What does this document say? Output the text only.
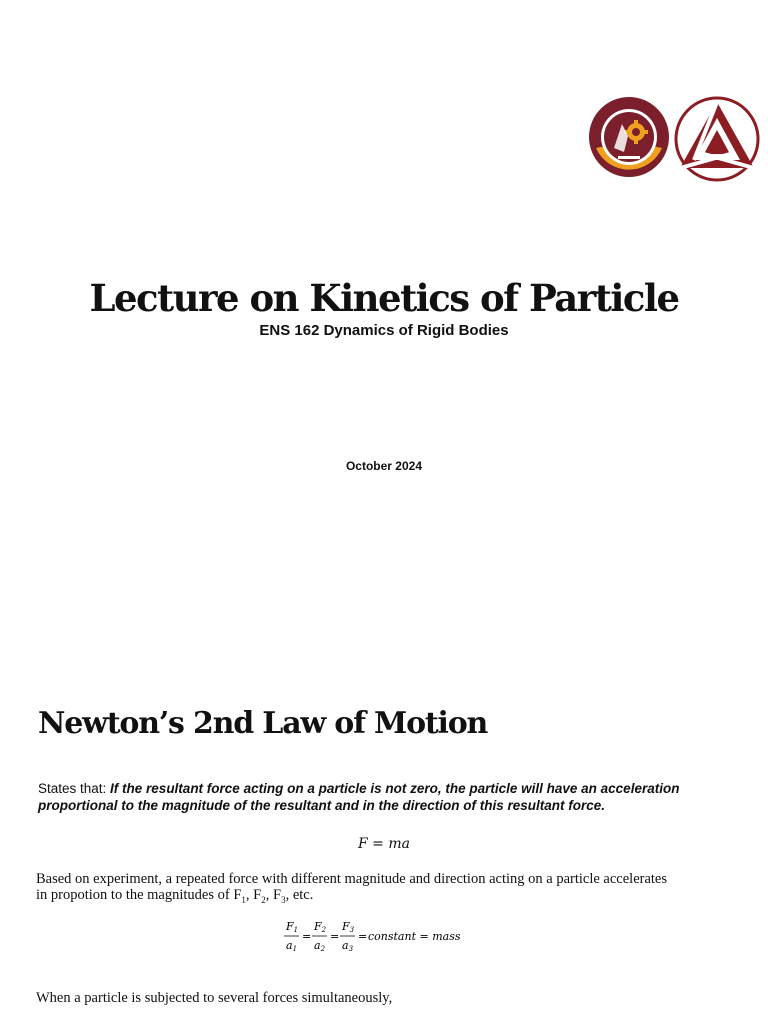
Lecture on Kinetics of Particle

ENS 162 Dynamics of Rigid Bodies

October 2024

Newton’s 2nd Law of Motion

States that: If the resultant force acting on a particle is not zero, the particle will have an acceleration proportional to the magnitude of the resultant and in the direction of this resultant force.

F = ma

Based on experiment, a repeated force with different magnitude and direction acting on a particle accelerates in propotion to the magnitudes of $F_1$, $F_2$, $F_3$, etc.

F1
a1
=
F2
a2
=
F3
a3
= constant = mass

When a particle is subjected to several forces simultaneously,
